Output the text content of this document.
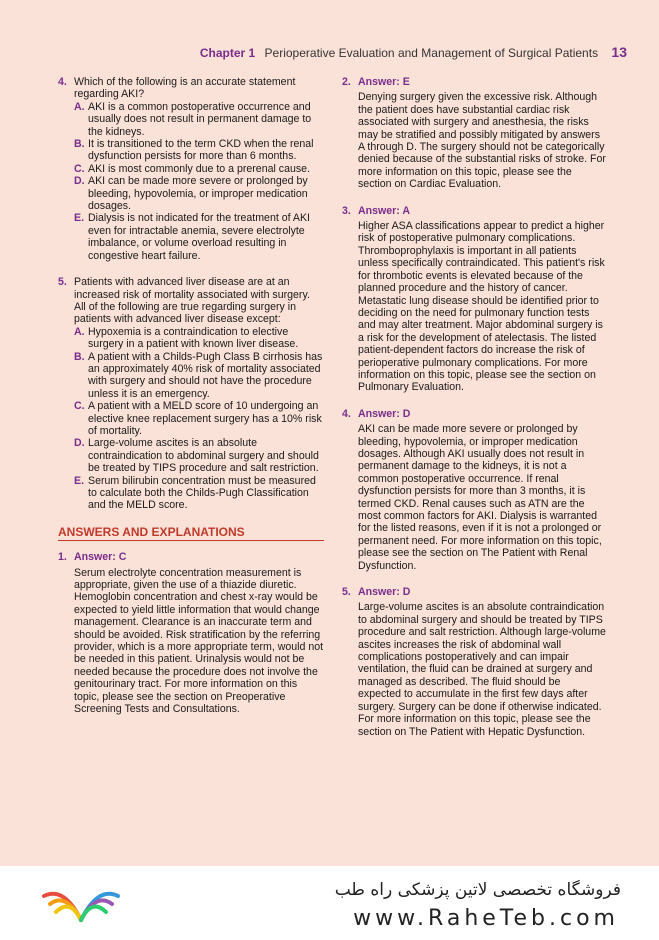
Chapter 1 Perioperative Evaluation and Management of Surgical Patients 13
4. Which of the following is an accurate statement regarding AKI?
A. AKI is a common postoperative occurrence and usually does not result in permanent damage to the kidneys.
B. It is transitioned to the term CKD when the renal dysfunction persists for more than 6 months.
C. AKI is most commonly due to a prerenal cause.
D. AKI can be made more severe or prolonged by bleeding, hypovolemia, or improper medication dosages.
E. Dialysis is not indicated for the treatment of AKI even for intractable anemia, severe electrolyte imbalance, or volume overload resulting in congestive heart failure.
5. Patients with advanced liver disease are at an increased risk of mortality associated with surgery. All of the following are true regarding surgery in patients with advanced liver disease except:
A. Hypoxemia is a contraindication to elective surgery in a patient with known liver disease.
B. A patient with a Childs-Pugh Class B cirrhosis has an approximately 40% risk of mortality associated with surgery and should not have the procedure unless it is an emergency.
C. A patient with a MELD score of 10 undergoing an elective knee replacement surgery has a 10% risk of mortality.
D. Large-volume ascites is an absolute contraindication to abdominal surgery and should be treated by TIPS procedure and salt restriction.
E. Serum bilirubin concentration must be measured to calculate both the Childs-Pugh Classification and the MELD score.
ANSWERS AND EXPLANATIONS
1. Answer: C
Serum electrolyte concentration measurement is appropriate, given the use of a thiazide diuretic. Hemoglobin concentration and chest x-ray would be expected to yield little information that would change management. Clearance is an inaccurate term and should be avoided. Risk stratification by the referring provider, which is a more appropriate term, would not be needed in this patient. Urinalysis would not be needed because the procedure does not involve the genitourinary tract. For more information on this topic, please see the section on Preoperative Screening Tests and Consultations.
2. Answer: E
Denying surgery given the excessive risk. Although the patient does have substantial cardiac risk associated with surgery and anesthesia, the risks may be stratified and possibly mitigated by answers A through D. The surgery should not be categorically denied because of the substantial risks of stroke. For more information on this topic, please see the section on Cardiac Evaluation.
3. Answer: A
Higher ASA classifications appear to predict a higher risk of postoperative pulmonary complications. Thromboprophylaxis is important in all patients unless specifically contraindicated. This patient's risk for thrombotic events is elevated because of the planned procedure and the history of cancer. Metastatic lung disease should be identified prior to deciding on the need for pulmonary function tests and may alter treatment. Major abdominal surgery is a risk for the development of atelectasis. The listed patient-dependent factors do increase the risk of perioperative pulmonary complications. For more information on this topic, please see the section on Pulmonary Evaluation.
4. Answer: D
AKI can be made more severe or prolonged by bleeding, hypovolemia, or improper medication dosages. Although AKI usually does not result in permanent damage to the kidneys, it is not a common postoperative occurrence. If renal dysfunction persists for more than 3 months, it is termed CKD. Renal causes such as ATN are the most common factors for AKI. Dialysis is warranted for the listed reasons, even if it is not a prolonged or permanent need. For more information on this topic, please see the section on The Patient with Renal Dysfunction.
5. Answer: D
Large-volume ascites is an absolute contraindication to abdominal surgery and should be treated by TIPS procedure and salt restriction. Although large-volume ascites increases the risk of abdominal wall complications postoperatively and can impair ventilation, the fluid can be drained at surgery and managed as described. The fluid should be expected to accumulate in the first few days after surgery. Surgery can be done if otherwise indicated. For more information on this topic, please see the section on The Patient with Hepatic Dysfunction.
فروشگاه تخصصی لاتین پزشکی راه طب
www.RaheTeb.com
